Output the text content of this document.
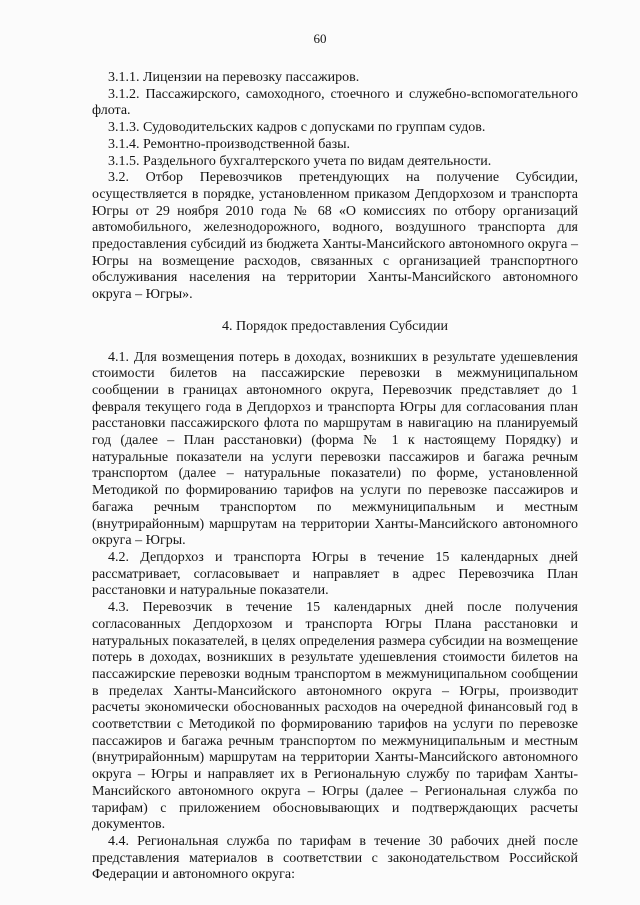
60

3.1.1. Лицензии на перевозку пассажиров.

3.1.2. Пассажирского, самоходного, стоечного и служебно-вспомогательного флота.

3.1.3. Судоводительских кадров с допусками по группам судов.

3.1.4. Ремонтно-производственной базы.

3.1.5. Раздельного бухгалтерского учета по видам деятельности.

3.2. Отбор Перевозчиков претендующих на получение Субсидии, осуществляется в порядке, установленном приказом Депдорхозом и транспорта Югры от 29 ноября 2010 года № 68 «О комиссиях по отбору организаций автомобильного, железнодорожного, водного, воздушного транспорта для предоставления субсидий из бюджета Ханты-Мансийского автономного округа – Югры на возмещение расходов, связанных с организацией транспортного обслуживания населения на территории Ханты-Мансийского автономного округа – Югры».

4. Порядок предоставления Субсидии

4.1. Для возмещения потерь в доходах, возникших в результате удешевления стоимости билетов на пассажирские перевозки в межмуниципальном сообщении в границах автономного округа, Перевозчик представляет до 1 февраля текущего года в Депдорхоз и транспорта Югры для согласования план расстановки пассажирского флота по маршрутам в навигацию на планируемый год (далее – План расстановки) (форма № 1 к настоящему Порядку) и натуральные показатели на услуги перевозки пассажиров и багажа речным транспортом (далее – натуральные показатели) по форме, установленной Методикой по формированию тарифов на услуги по перевозке пассажиров и багажа речным транспортом по межмуниципальным и местным (внутрирайонным) маршрутам на территории Ханты-Мансийского автономного округа – Югры.

4.2. Депдорхоз и транспорта Югры в течение 15 календарных дней рассматривает, согласовывает и направляет в адрес Перевозчика План расстановки и натуральные показатели.

4.3. Перевозчик в течение 15 календарных дней после получения согласованных Депдорхозом и транспорта Югры Плана расстановки и натуральных показателей, в целях определения размера субсидии на возмещение потерь в доходах, возникших в результате удешевления стоимости билетов на пассажирские перевозки водным транспортом в межмуниципальном сообщении в пределах Ханты-Мансийского автономного округа – Югры, производит расчеты экономически обоснованных расходов на очередной финансовый год в соответствии с Методикой по формированию тарифов на услуги по перевозке пассажиров и багажа речным транспортом по межмуниципальным и местным (внутрирайонным) маршрутам на территории Ханты-Мансийского автономного округа – Югры и направляет их в Региональную службу по тарифам Ханты-Мансийского автономного округа – Югры (далее – Региональная служба по тарифам) с приложением обосновывающих и подтверждающих расчеты документов.

4.4. Региональная служба по тарифам в течение 30 рабочих дней после представления материалов в соответствии с законодательством Российской Федерации и автономного округа:
